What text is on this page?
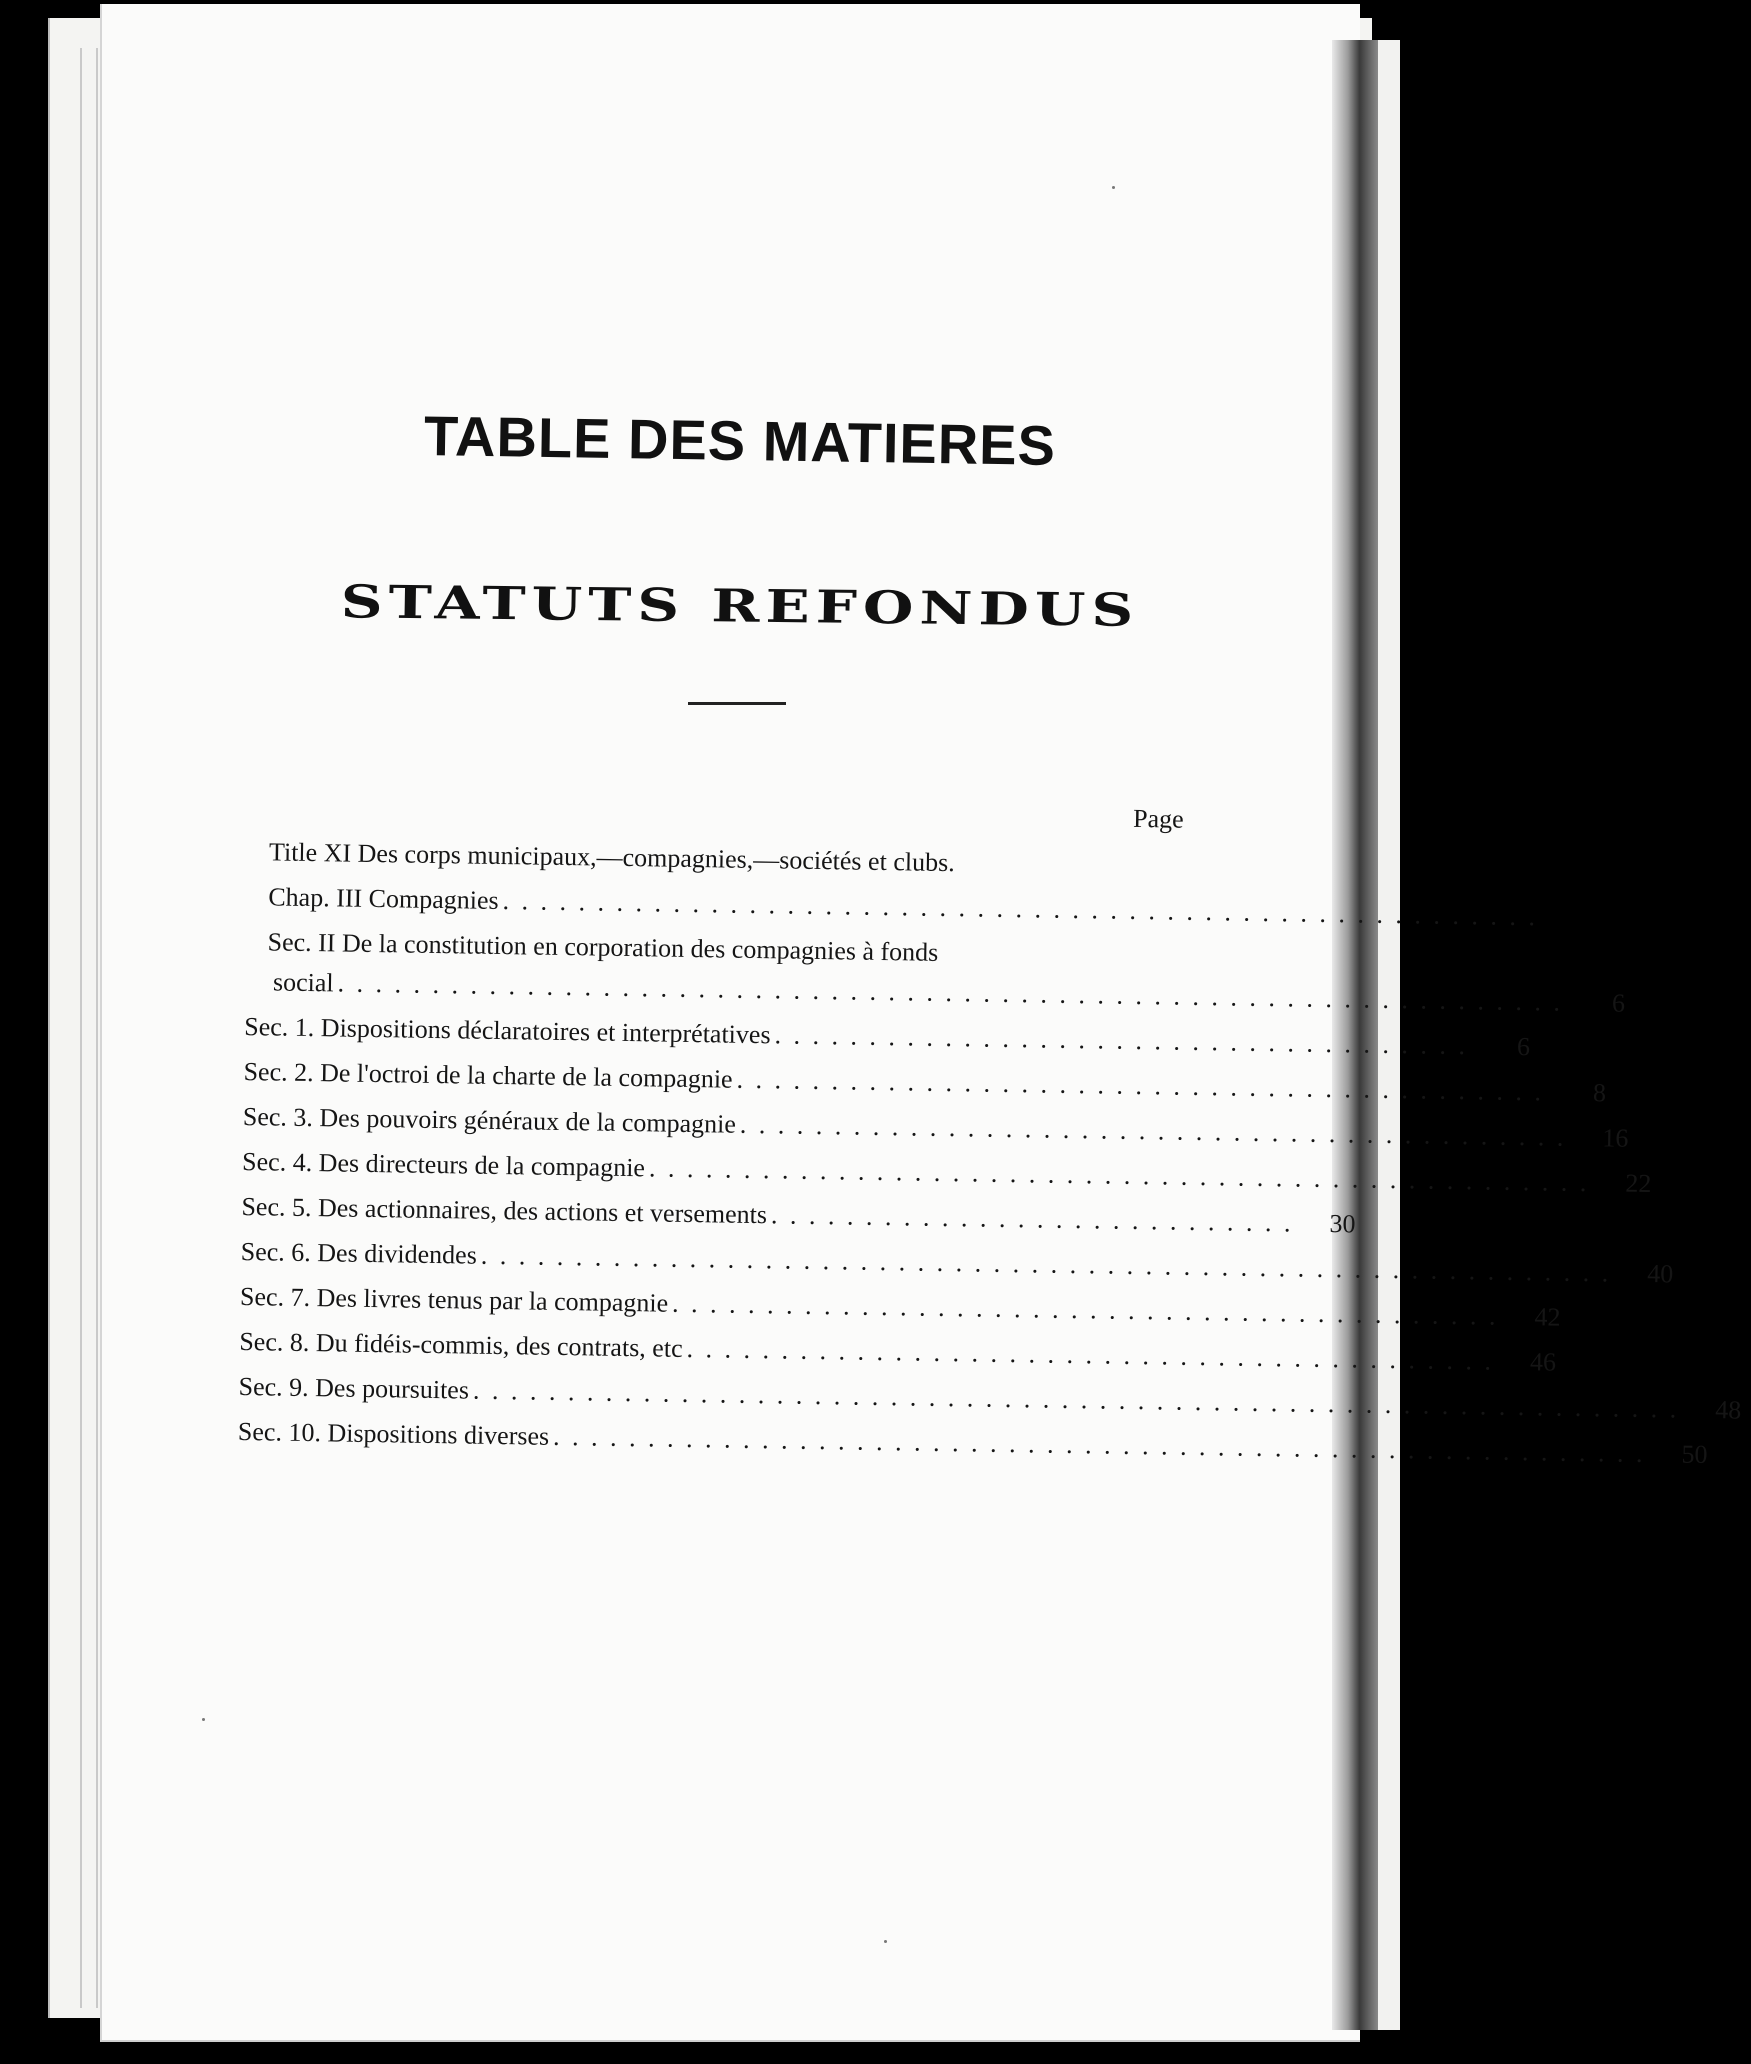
TABLE DES MATIERES
STATUTS REFONDUS
Page
Title XI Des corps municipaux,—compagnies,—sociétés et clubs.
Chap. III Compagnies . . . . . . . . . . . . . . . . . . . . . . . . . . . . . . . . . . . . . . . . . . . . . . . . . . . . . . .
Sec. II De la constitution en corporation des compagnies à fonds
social . . . . . . . . . . . . . . . . . . . . . . . . . . . . . . . . . . . . . . . . . . . . . . . . . . . . . . . . . . . . . . . . .	6
Sec. 1. Dispositions déclaratoires et interprétatives . . . . . . . . . . . . . . . . . . . . . . . . . . . . . . . . . . . . .	6
Sec. 2. De l'octroi de la charte de la compagnie . . . . . . . . . . . . . . . . . . . . . . . . . . . . . . . . . . . . . . . . . . .	8
Sec. 3. Des pouvoirs généraux de la compagnie . . . . . . . . . . . . . . . . . . . . . . . . . . . . . . . . . . . . . . . . . . . .	16
Sec. 4. Des directeurs de la compagnie . . . . . . . . . . . . . . . . . . . . . . . . . . . . . . . . . . . . . . . . . . . . . . . . . .	22
Sec. 5. Des actionnaires, des actions et versements . . . . . . . . . . . . . . . . . . . . . . . . . . . .	30
Sec. 6. Des dividendes . . . . . . . . . . . . . . . . . . . . . . . . . . . . . . . . . . . . . . . . . . . . . . . . . . . . . . . . . . . .	40
Sec. 7. Des livres tenus par la compagnie . . . . . . . . . . . . . . . . . . . . . . . . . . . . . . . . . . . . . . . . . . . .	42
Sec. 8. Du fidéis-commis, des contrats, etc . . . . . . . . . . . . . . . . . . . . . . . . . . . . . . . . . . . . . . . . . . .	46
Sec. 9. Des poursuites . . . . . . . . . . . . . . . . . . . . . . . . . . . . . . . . . . . . . . . . . . . . . . . . . . . . . . . . . . . . . . . .	48
Sec. 10. Dispositions diverses . . . . . . . . . . . . . . . . . . . . . . . . . . . . . . . . . . . . . . . . . . . . . . . . . . . . . . . . . .	50
